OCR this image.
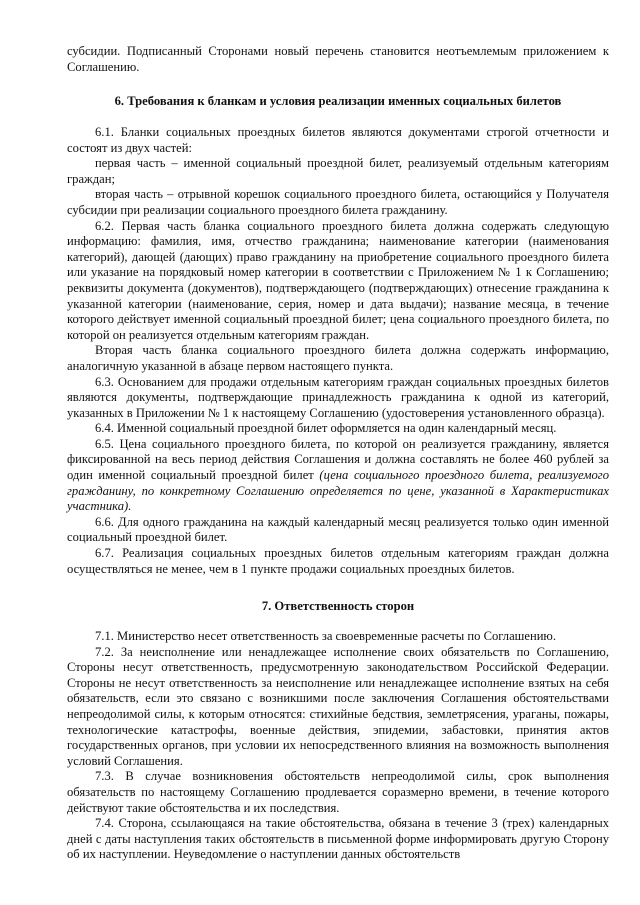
субсидии. Подписанный Сторонами новый перечень становится неотъемлемым приложением к Соглашению.

6. Требования к бланкам и условия реализации именных социальных билетов

6.1. Бланки социальных проездных билетов являются документами строгой отчетности и состоят из двух частей:

первая часть – именной социальный проездной билет, реализуемый отдельным категориям граждан;

вторая часть – отрывной корешок социального проездного билета, остающийся у Получателя субсидии при реализации социального проездного билета гражданину.

6.2. Первая часть бланка социального проездного билета должна содержать следующую информацию: фамилия, имя, отчество гражданина; наименование категории (наименования категорий), дающей (дающих) право гражданину на приобретение социального проездного билета или указание на порядковый номер категории в соответствии с Приложением № 1 к Соглашению; реквизиты документа (документов), подтверждающего (подтверждающих) отнесение гражданина к указанной категории (наименование, серия, номер и дата выдачи); название месяца, в течение которого действует именной социальный проездной билет; цена социального проездного билета, по которой он реализуется отдельным категориям граждан.

Вторая часть бланка социального проездного билета должна содержать информацию, аналогичную указанной в абзаце первом настоящего пункта.

6.3. Основанием для продажи отдельным категориям граждан социальных проездных билетов являются документы, подтверждающие принадлежность гражданина к одной из категорий, указанных в Приложении № 1 к настоящему Соглашению (удостоверения установленного образца).

6.4. Именной социальный проездной билет оформляется на один календарный месяц.

6.5. Цена социального проездного билета, по которой он реализуется гражданину, является фиксированной на весь период действия Соглашения и должна составлять не более 460 рублей за один именной социальный проездной билет (цена социального проездного билета, реализуемого гражданину, по конкретному Соглашению определяется по цене, указанной в Характеристиках участника).

6.6. Для одного гражданина на каждый календарный месяц реализуется только один именной социальный проездной билет.

6.7. Реализация социальных проездных билетов отдельным категориям граждан должна осуществляться не менее, чем в 1 пункте продажи социальных проездных билетов.

7. Ответственность сторон

7.1. Министерство несет ответственность за своевременные расчеты по Соглашению.

7.2. За неисполнение или ненадлежащее исполнение своих обязательств по Соглашению, Стороны несут ответственность, предусмотренную законодательством Российской Федерации. Стороны не несут ответственность за неисполнение или ненадлежащее исполнение взятых на себя обязательств, если это связано с возникшими после заключения Соглашения обстоятельствами непреодолимой силы, к которым относятся: стихийные бедствия, землетрясения, ураганы, пожары, технологические катастрофы, военные действия, эпидемии, забастовки, принятия актов государственных органов, при условии их непосредственного влияния на возможность выполнения условий Соглашения.

7.3. В случае возникновения обстоятельств непреодолимой силы, срок выполнения обязательств по настоящему Соглашению продлевается соразмерно времени, в течение которого действуют такие обстоятельства и их последствия.

7.4. Сторона, ссылающаяся на такие обстоятельства, обязана в течение 3 (трех) календарных дней с даты наступления таких обстоятельств в письменной форме информировать другую Сторону об их наступлении. Неуведомление о наступлении данных обстоятельств
